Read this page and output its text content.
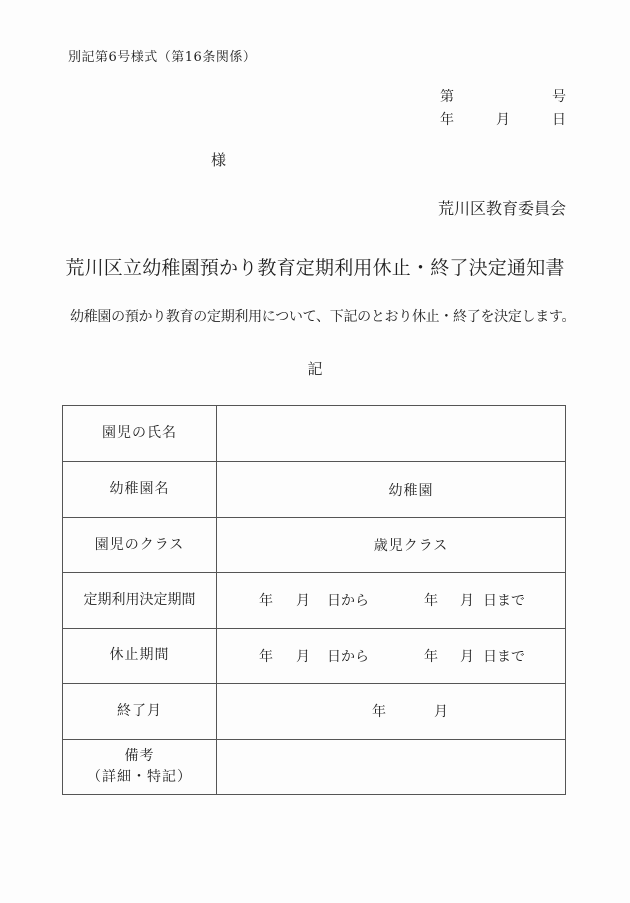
別記第6号様式（第16条関係）
第	号
年	月	日
様
荒川区教育委員会
荒川区立幼稚園預かり教育定期利用休止・終了決定通知書

幼稚園の預かり教育の定期利用について、下記のとおり休止・終了を決定します。

記
園児の氏名
幼稚園名	幼稚園
園児のクラス	歳児クラス
定期利用決定期間	年 月 日から	年 月 日まで
休止期間	年 月 日から	年 月 日まで
終了月	年	月
備考
（詳細・特記）
